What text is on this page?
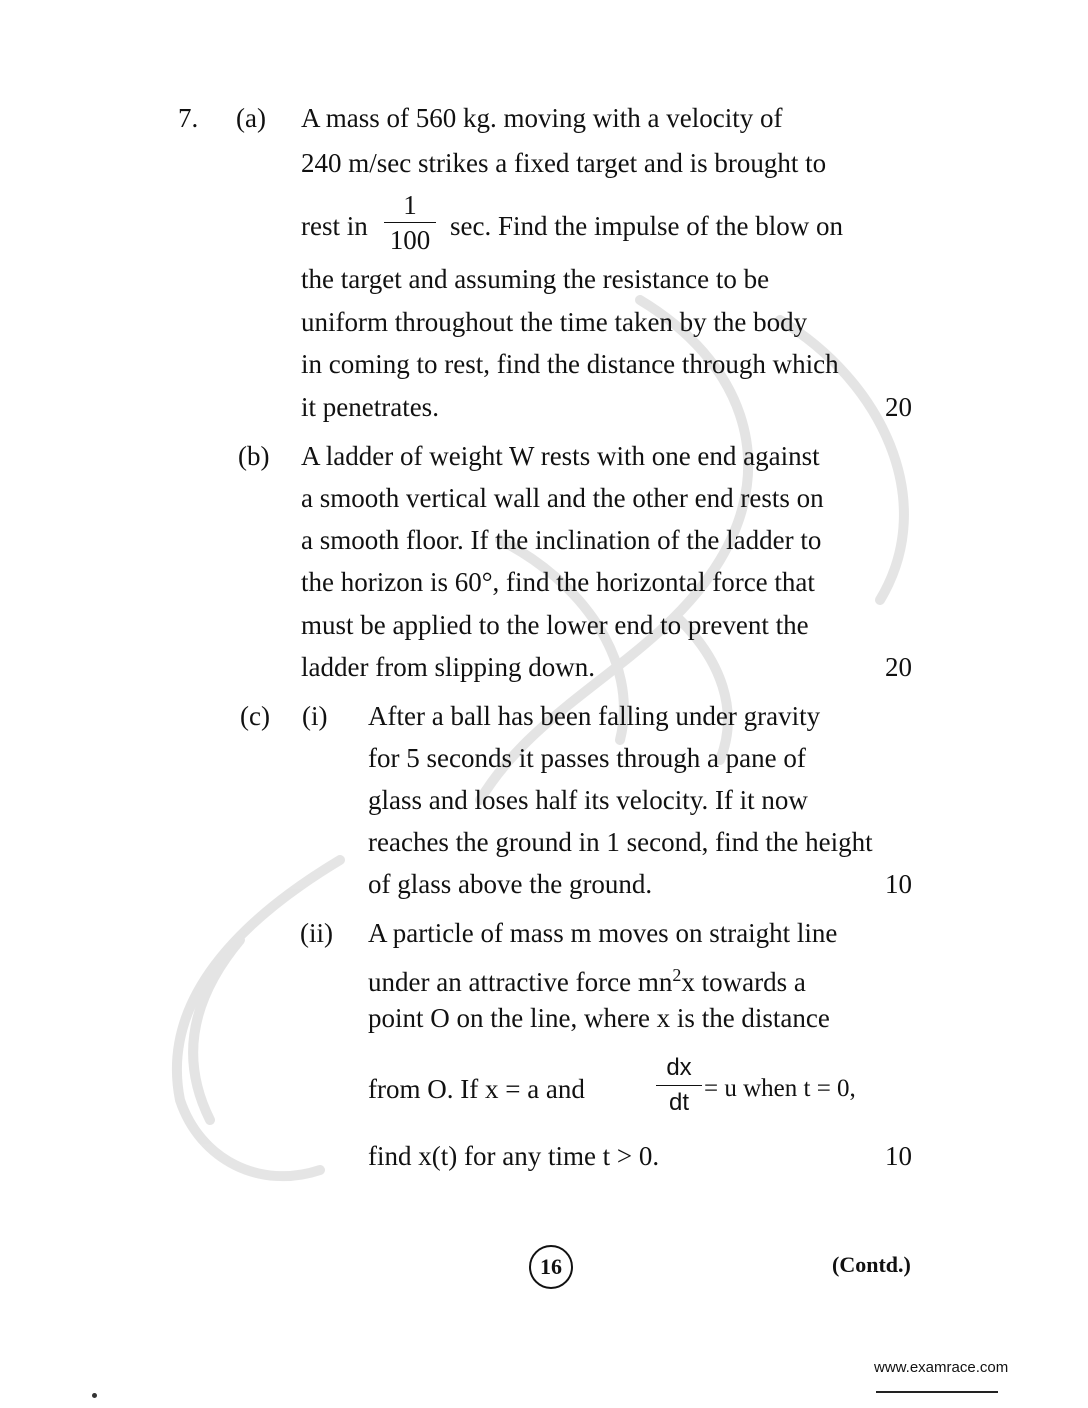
7. (a) A mass of 560 kg. moving with a velocity of
240 m/sec strikes a fixed target and is brought to
rest in
1
100 sec. Find the impulse of the blow on
the target and assuming the resistance to be
uniform throughout the time taken by the body
in coming to rest, find the distance through which
it penetrates.	20
(b) A ladder of weight W rests with one end against
a smooth vertical wall and the other end rests on
a smooth floor. If the inclination of the ladder to
the horizon is 60°, find the horizontal force that
must be applied to the lower end to prevent the
ladder from slipping down.	20
(c) (i) After a ball has been falling under gravity
for 5 seconds it passes through a pane of
glass and loses half its velocity. If it now
reaches the ground in 1 second, find the height
of glass above the ground.	10
(ii) A particle of mass m moves on straight line
under an attractive force $mn^2x$ towards a
point O on the line, where x is the distance
from O. If x = a and
dx
dt
= u when t = 0,
find x(t) for any time t > 0.	10
16	(Contd.)
www.examrace.com
